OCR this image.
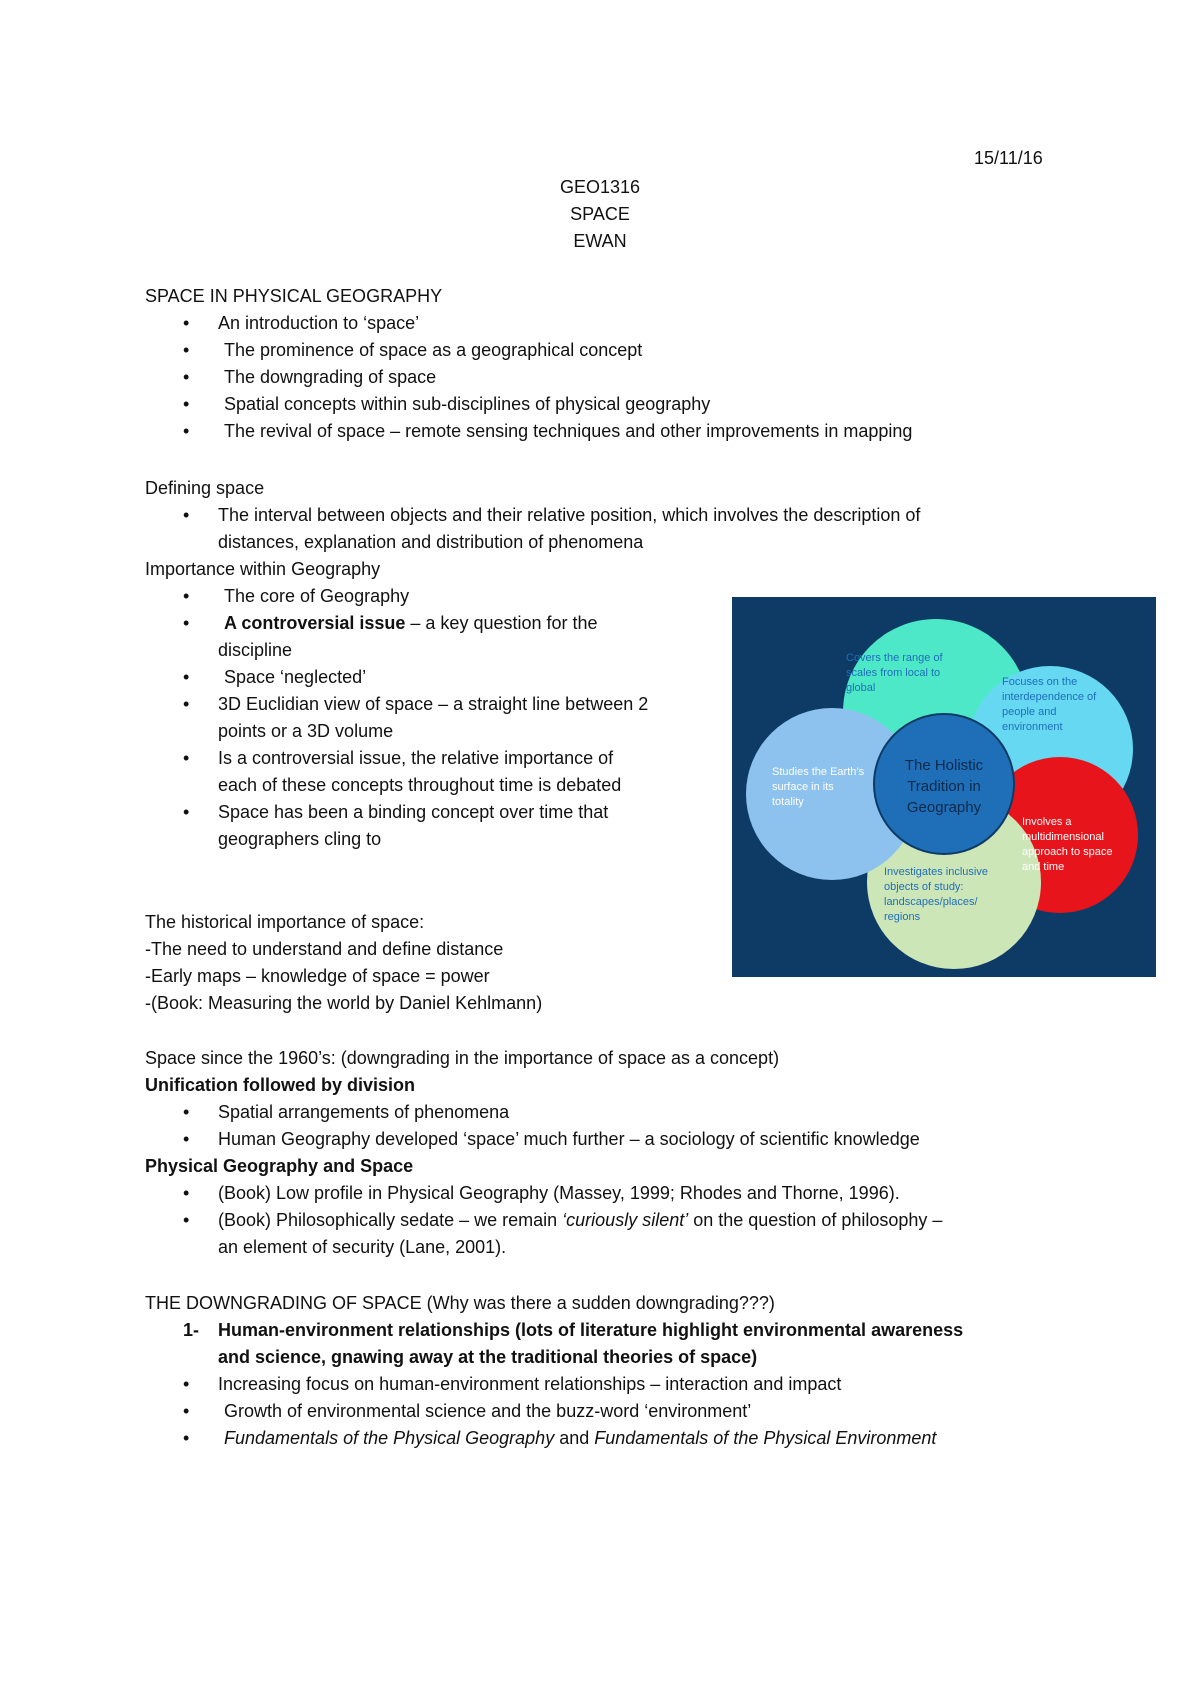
15/11/16
GEO1316
SPACE
EWAN
SPACE IN PHYSICAL GEOGRAPHY
• An introduction to ‘space’
• The prominence of space as a geographical concept
• The downgrading of space
• Spatial concepts within sub-disciplines of physical geography
• The revival of space – remote sensing techniques and other improvements in mapping
Defining space
• The interval between objects and their relative position, which involves the description of
distances, explanation and distribution of phenomena
Importance within Geography
• The core of Geography
• A controversial issue – a key question for the
discipline
• Space ‘neglected’
• 3D Euclidian view of space – a straight line between 2
points or a 3D volume
• Is a controversial issue, the relative importance of
each of these concepts throughout time is debated
• Space has been a binding concept over time that
geographers cling to
The historical importance of space:
-The need to understand and define distance
-Early maps – knowledge of space = power
-(Book: Measuring the world by Daniel Kehlmann)
Space since the 1960’s: (downgrading in the importance of space as a concept)
Unification followed by division
• Spatial arrangements of phenomena
• Human Geography developed ‘space’ much further – a sociology of scientific knowledge
Physical Geography and Space
• (Book) Low profile in Physical Geography (Massey, 1999; Rhodes and Thorne, 1996).
• (Book) Philosophically sedate – we remain ‘curiously silent’ on the question of philosophy –
an element of security (Lane, 2001).
THE DOWNGRADING OF SPACE (Why was there a sudden downgrading???)
1- Human-environment relationships (lots of literature highlight environmental awareness
and science, gnawing away at the traditional theories of space)
• Increasing focus on human-environment relationships – interaction and impact
• Growth of environmental science and the buzz-word ‘environment’
• Fundamentals of the Physical Geography and Fundamentals of the Physical Environment
Covers the range of scales from local to global	Focuses on the interdependence of people and environment
Involves a multidimensional approach to space and time
Investigates inclusive objects of study: landscapes/places/ regions
Studies the Earth’s surface in its totality
The Holistic Tradition in Geography
